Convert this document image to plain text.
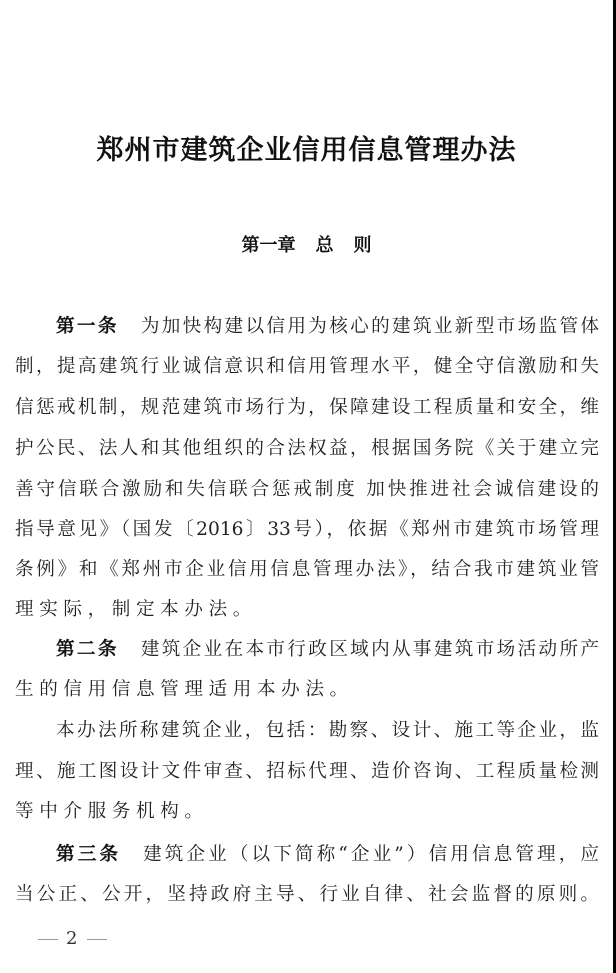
郑州市建筑企业信用信息管理办法
第一章 总 则
第一条 为加快构建以信用为核心的建筑业新型市场监管体
制，提高建筑行业诚信意识和信用管理水平，健全守信激励和失
信惩戒机制，规范建筑市场行为，保障建设工程质量和安全，维
护公民、法人和其他组织的合法权益，根据国务院《关于建立完
善守信联合激励和失信联合惩戒制度 加快推进社会诚信建设的
指导意见》（国发〔2016〕33号），依据《郑州市建筑市场管理
条例》和《郑州市企业信用信息管理办法》，结合我市建筑业管
理实际，制定本办法。
第二条 建筑企业在本市行政区域内从事建筑市场活动所产
生的信用信息管理适用本办法。
本办法所称建筑企业，包括：勘察、设计、施工等企业，监
理、施工图设计文件审查、招标代理、造价咨询、工程质量检测
等中介服务机构。
第三条 建筑企业（以下简称“企业”）信用信息管理，应
当公正、公开，坚持政府主导、行业自律、社会监督的原则。
2
